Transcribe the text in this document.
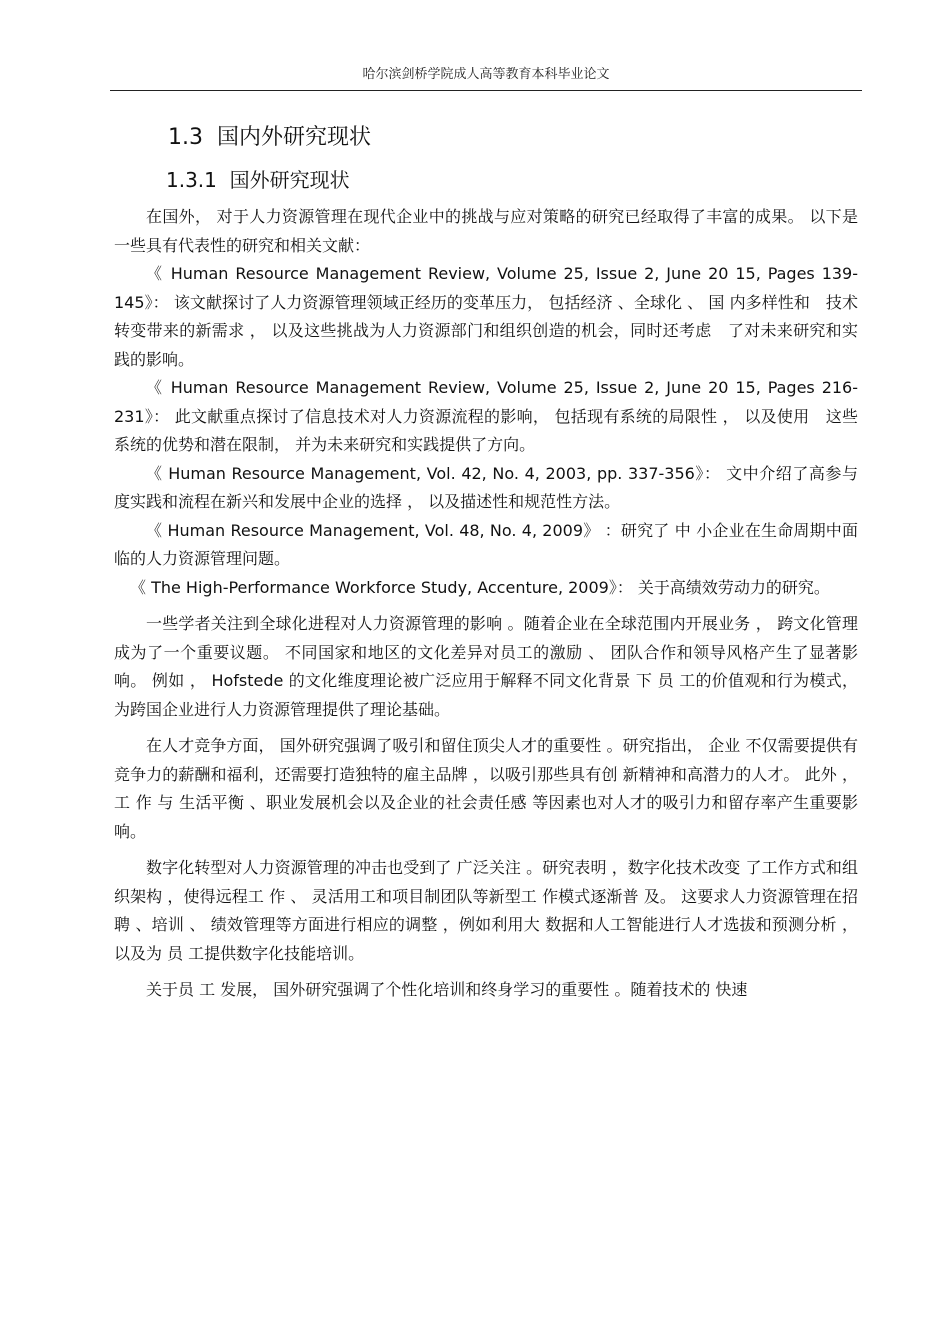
哈尔滨剑桥学院成人高等教育本科毕业论文
1.3 国内外研究现状
1.3.1 国外研究现状

在国外， 对于人力资源管理在现代企业中的挑战与应对策略的研究已经取得了丰富的成果。 以下是一些具有代表性的研究和相关文献：

《 Human Resource Management Review, Volume 25, Issue 2, June 20 15, Pages 139-145》： 该文献探讨了人力资源管理领域正经历的变革压力， 包括经济 、全球化 、 国 内多样性和　技术转变带来的新需求 ， 以及这些挑战为人力资源部门和组织创造的机会，同时还考虑　了对未来研究和实践的影响。

《 Human Resource Management Review, Volume 25, Issue 2, June 20 15, Pages 216-231》： 此文献重点探讨了信息技术对人力资源流程的影响， 包括现有系统的局限性 ， 以及使用　这些系统的优势和潜在限制， 并为未来研究和实践提供了方向。

《 Human Resource Management, Vol. 42, No. 4, 2003, pp. 337-356》： 文中介绍了高参与 度实践和流程在新兴和发展中企业的选择 ， 以及描述性和规范性方法。

《 Human Resource Management, Vol. 48, No. 4, 2009》 ：研究了 中 小企业在生命周期中面 临的人力资源管理问题。

《 The High-Performance Workforce Study, Accenture, 2009》： 关于高绩效劳动力的研究。

一些学者关注到全球化进程对人力资源管理的影响 。随着企业在全球范围内开展业务 ， 跨文化管理成为了一个重要议题。 不同国家和地区的文化差异对员工的激励 、 团队合作和领导风格产生了显著影响。 例如 ， Hofstede 的文化维度理论被广泛应用于解释不同文化背景 下 员 工的价值观和行为模式， 为跨国企业进行人力资源管理提供了理论基础。

在人才竞争方面， 国外研究强调了吸引和留住顶尖人才的重要性 。研究指出， 企业 不仅需要提供有竞争力的薪酬和福利，还需要打造独特的雇主品牌 ，以吸引那些具有创 新精神和高潜力的人才。 此外 ，工 作 与 生活平衡 、职业发展机会以及企业的社会责任感 等因素也对人才的吸引力和留存率产生重要影响。

数字化转型对人力资源管理的冲击也受到了 广泛关注 。研究表明 ，数字化技术改变 了工作方式和组织架构 ，使得远程工 作 、 灵活用工和项目制团队等新型工 作模式逐渐普 及。 这要求人力资源管理在招聘 、培训 、 绩效管理等方面进行相应的调整 ，例如利用大 数据和人工智能进行人才选拔和预测分析 ，以及为 员 工提供数字化技能培训。

关于员 工 发展， 国外研究强调了个性化培训和终身学习的重要性 。随着技术的 快速
